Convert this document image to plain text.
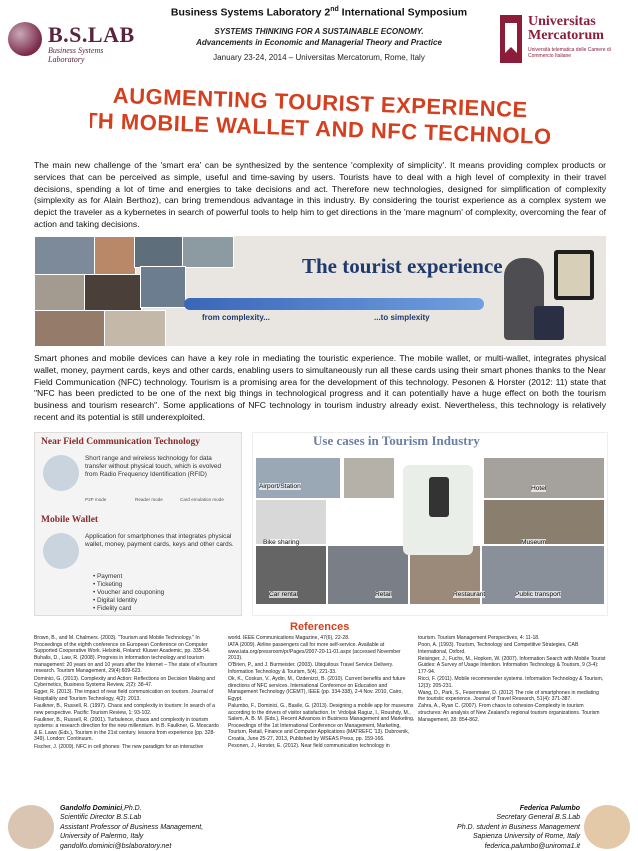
B.S.LAB
Business Systems Laboratory
Business Systems Laboratory 2nd International Symposium
SYSTEMS THINKING FOR A SUSTAINABLE ECONOMY.
Advancements in Economic and Managerial Theory and Practice
January 23-24, 2014 – Universitas Mercatorum, Rome, Italy
Universitas
Mercatorum
Università telematica delle Camere di Commercio Italiane
AUGMENTING TOURIST EXPERIENCE
WITH MOBILE WALLET AND NFC TECHNOLOGY
The main new challenge of the 'smart era' can be synthesized by the sentence 'complexity of simplicity'. It means providing complex products or services that can be perceived as simple, useful and time-saving by users. Tourists have to deal with a high level of complexity in their travel decisions, spending a lot of time and energies to take decisions and act. Therefore new technologies, designed for simplification of complexity (simplexity as for Alain Berthoz), can bring tremendous advantage in this industry. By considering the tourist experience as a complex system we depict the traveler as a kybernetes in search of powerful tools to help him to get directions in the 'mare magnum' of complexity, overcoming the fear of action and taking decisions.
The tourist experience
from complexity...	...to simplexity
Smart phones and mobile devices can have a key role in mediating the touristic experience. The mobile wallet, or multi-wallet, integrates physical wallet, money, payment cards, keys and other cards, enabling users to simultaneously run all these cards using their smart phones thanks to the Near Field Communication (NFC) technology. Tourism is a promising area for the development of this technology. Pesonen & Horster (2012: 11) state that "NFC has been predicted to be one of the next big things in technological progress and it can potentially have a huge effect on both the tourism business and tourism research". Some applications of NFC technology in tourism industry already exist. Nevertheless, this technology is relatively recent and its potential is still underexploited.
Near Field Communication Technology
Short range and wireless technology for data transfer without physical touch, which is evolved from Radio Frequency Identification (RFID)
P2P mode	Reader mode	Card emulation mode
Mobile Wallet
Application for smartphones that integrates physical wallet, money, payment cards, keys and other cards.
• Payment
• Ticketing
• Voucher and couponing
• Digital Identity
• Fidelity card
Use cases in Tourism Industry
Airport/Station	Hotel
Bike sharing	Museum
Car rental	Retail	Restaurant	Public transport
References

Brown, B., and M. Chalmers. (2003). "Tourism and Mobile Technology." In Proceedings of the eighth conference on European Conference on Computer Supported Cooperative Work. Helsinki, Finland: Kluwer Academic, pp. 335-54.

Buhalis, D., Law, R. (2008). Progress in information technology and tourism management: 20 years on and 10 years after the Internet – The state of eTourism research. Tourism Management, 29(4):609-623.

Dominici, G. (2013). Complexity and Action: Reflections on Decision Making and Cybernetics, Business Systems Review, 2(2): 38-47.

Egger, R. (2013). The impact of near field communication on tourism. Journal of Hospitality and Tourism Technology, 4(2): 2013.

Faulkner, B., Russell, R. (1997). Chaos and complexity in tourism: In search of a new perspective. Pacific Tourism Review, 1: 93-102.

Faulkner, B., Russell, R. (2001). Turbulence, chaos and complexity in tourism systems: a research direction for the new millennium. In B. Faulkner, G. Moscardo & E. Laws (Eds.), Tourism in the 21st century. lessons from experience (pp. 328-349). London: Continuum.

Fischer, J. (2009). NFC in cell phones: The new paradigm for an interactive

world. IEEE Communications Magazine, 47(6), 22-28.

IATA (2009). Airline passengers call for more self-service. Available at www.iata.org/pressroom/pr/Pages/2007-20-11-01.aspx (accessed November 2013).

O'Brien, P., and J. Burmeister. (2003). Ubiquitous Travel Service Delivery. Information Technology & Tourism, 5(4), 221-33.

Ok, K., Coskun, V., Aydin, M., Ozdenizci, B. (2010). Current benefits and future directions of NFC services. International Conference on Education and Management Technology (ICEMT), IEEE (pp. 334-338), 2-4 Nov. 2010, Cairo, Egypt.

Palumbo, F., Dominici, G., Basile, G. (2013). Designing a mobile app for museums according to the drivers of visitor satisfaction. In: Vrdoljak Raguz, I., Roushdy, M., Salem, A. B. M. (Eds.), Recent Advances in Business Management and Marketing, Proceedings of the 1st International Conference on Management, Marketing, Tourism, Retail, Finance and Computer Applications (MATREFC '13). Dubrovnik, Croatia, June 25-27, 2013, Published by WSEAS Press, pp. 159-166.

Pesonen, J., Horster, E. (2012). Near field communication technology in

tourism. Tourism Management Perspectives, 4: 11-18.

Poon, A. (1993). Tourism, Technology and Competitive Strategies, CAB International, Oxford.

Reisinger, J., Fuchs, M., Hopken, W. (2007). Information Search with Mobile Tourist Guides: A Survey of Usage Intention. Information Technology & Tourism, 9 (3-4): 177-94.

Ricci, F. (2011). Mobile recommender systems. Information Technology & Tourism, 12(3): 205-231.

Wang, D., Park, S., Fesenmaier, D. (2012) The role of smartphones in mediating the touristic experience. Journal of Travel Research, 51(4): 371-387.

Zahra, A., Ryan C. (2007). From chaos to cohesion-Complexity in tourism structures: An analysis of New Zealand's regional tourism organizations. Tourism Management, 28: 854-862.

Gandolfo Dominici,Ph.D.
Scientific Director B.S.Lab
Assistant Professor of Business Management,
University of Palermo, Italy
gandolfo.dominici@bslaboratory.net
Federica Palumbo
Secretary General B.S.Lab
Ph.D. student in Business Management
Sapienza University of Rome, Italy
federica.palumbo@uniroma1.it
